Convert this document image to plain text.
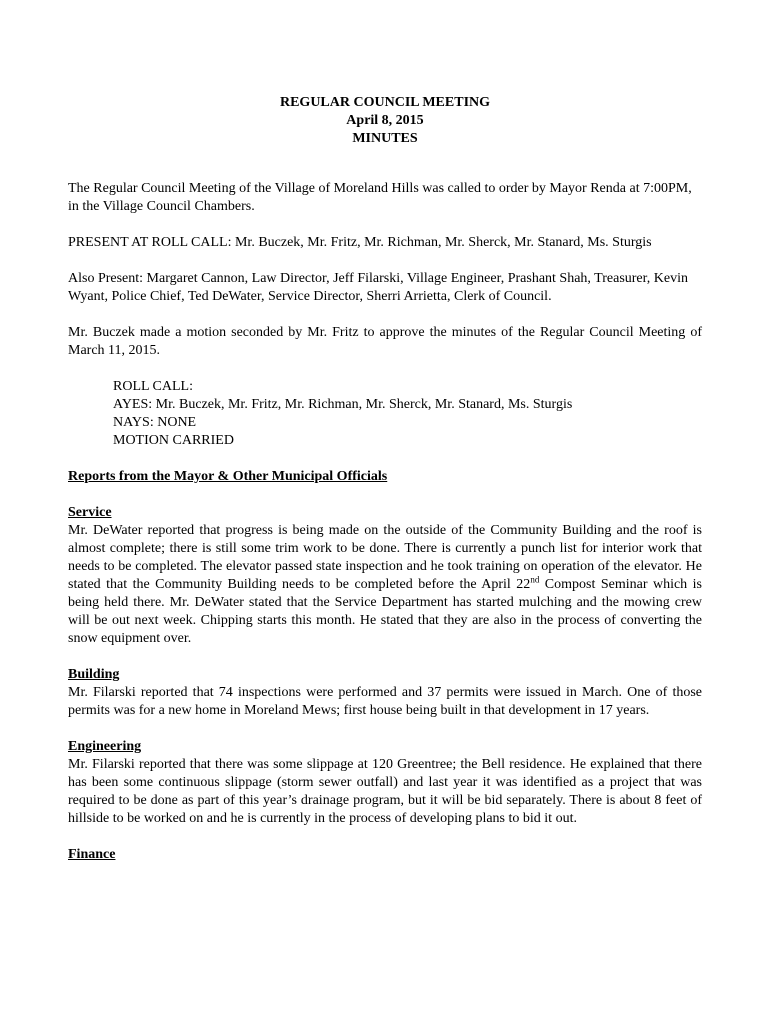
REGULAR COUNCIL MEETING
April 8, 2015
MINUTES

The Regular Council Meeting of the Village of Moreland Hills was called to order by Mayor Renda at 7:00PM, in the Village Council Chambers.

PRESENT AT ROLL CALL: Mr. Buczek, Mr. Fritz, Mr. Richman, Mr. Sherck, Mr. Stanard, Ms. Sturgis

Also Present: Margaret Cannon, Law Director, Jeff Filarski, Village Engineer, Prashant Shah, Treasurer, Kevin Wyant, Police Chief, Ted DeWater, Service Director, Sherri Arrietta, Clerk of Council.

Mr. Buczek made a motion seconded by Mr. Fritz to approve the minutes of the Regular Council Meeting of March 11, 2015.

ROLL CALL:
AYES: Mr. Buczek, Mr. Fritz, Mr. Richman, Mr. Sherck, Mr. Stanard, Ms. Sturgis
NAYS: NONE
MOTION CARRIED
Reports from the Mayor & Other Municipal Officials
Service

Mr. DeWater reported that progress is being made on the outside of the Community Building and the roof is almost complete; there is still some trim work to be done. There is currently a punch list for interior work that needs to be completed. The elevator passed state inspection and he took training on operation of the elevator. He stated that the Community Building needs to be completed before the April 22nd Compost Seminar which is being held there. Mr. DeWater stated that the Service Department has started mulching and the mowing crew will be out next week. Chipping starts this month. He stated that they are also in the process of converting the snow equipment over.

Building

Mr. Filarski reported that 74 inspections were performed and 37 permits were issued in March. One of those permits was for a new home in Moreland Mews; first house being built in that development in 17 years.

Engineering

Mr. Filarski reported that there was some slippage at 120 Greentree; the Bell residence. He explained that there has been some continuous slippage (storm sewer outfall) and last year it was identified as a project that was required to be done as part of this year’s drainage program, but it will be bid separately. There is about 8 feet of hillside to be worked on and he is currently in the process of developing plans to bid it out.

Finance
